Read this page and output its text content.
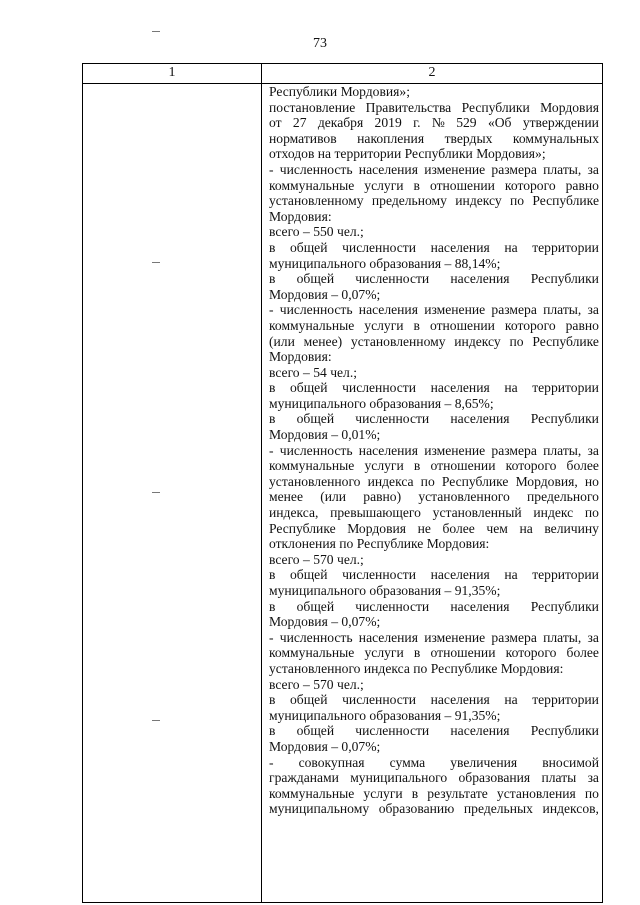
73
1	2
Республики Мордовия»;
постановление Правительства Республики Мордовия
от 27 декабря 2019 г. № 529 «Об утверждении
нормативов накопления твердых коммунальных
отходов на территории Республики Мордовия»;
- численность населения изменение размера платы, за
коммунальные услуги в отношении которого равно
установленному предельному индексу по Республике
Мордовия:
всего – 550 чел.;
в общей численности населения на территории
муниципального образования – 88,14%;
в общей численности населения Республики
Мордовия – 0,07%;
- численность населения изменение размера платы, за
коммунальные услуги в отношении которого равно
(или менее) установленному индексу по Республике
Мордовия:
всего – 54 чел.;
в общей численности населения на территории
муниципального образования – 8,65%;
в общей численности населения Республики
Мордовия – 0,01%;
- численность населения изменение размера платы, за
коммунальные услуги в отношении которого более
установленного индекса по Республике Мордовия, но
менее (или равно) установленного предельного
индекса, превышающего установленный индекс по
Республике Мордовия не более чем на величину
отклонения по Республике Мордовия:
всего – 570 чел.;
в общей численности населения на территории
муниципального образования – 91,35%;
в общей численности населения Республики
Мордовия – 0,07%;
- численность населения изменение размера платы, за
коммунальные услуги в отношении которого более
установленного индекса по Республике Мордовия:
всего – 570 чел.;
в общей численности населения на территории
муниципального образования – 91,35%;
в общей численности населения Республики
Мордовия – 0,07%;
- совокупная сумма увеличения вносимой
гражданами муниципального образования платы за
коммунальные услуги в результате установления по
муниципальному образованию предельных индексов,
